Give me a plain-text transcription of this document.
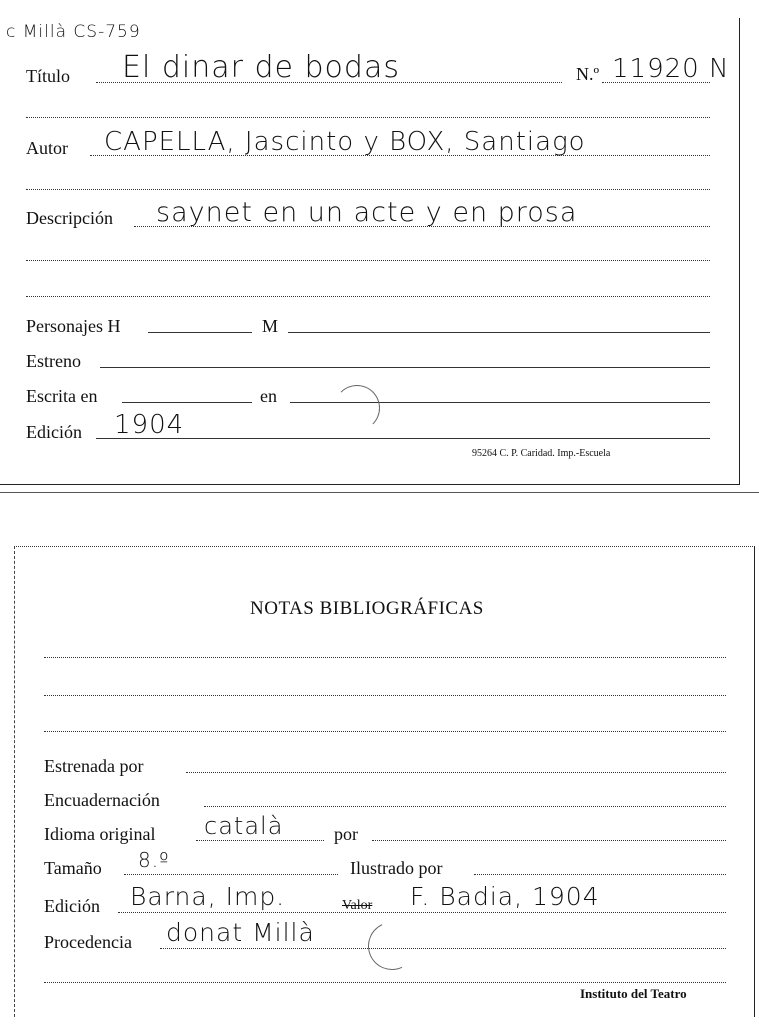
c Millà CS-759
Título El dinar de bodas	N.º 11920 N
Autor CAPELLA, Jascinto y BOX, Santiago
Descripción saynet en un acte y en prosa
Personajes H	M
Estreno
Escrita en	en
Edición 1904
95264 C. P. Caridad. Imp.-Escuela
NOTAS BIBLIOGRÁFICAS
Estrenada por
Encuadernación
Idioma original català	por
Tamaño 8.º	Ilustrado por
Edición Barna, Imp.	Valor F. Badia, 1904
Procedencia donat Millà
Instituto del Teatro
